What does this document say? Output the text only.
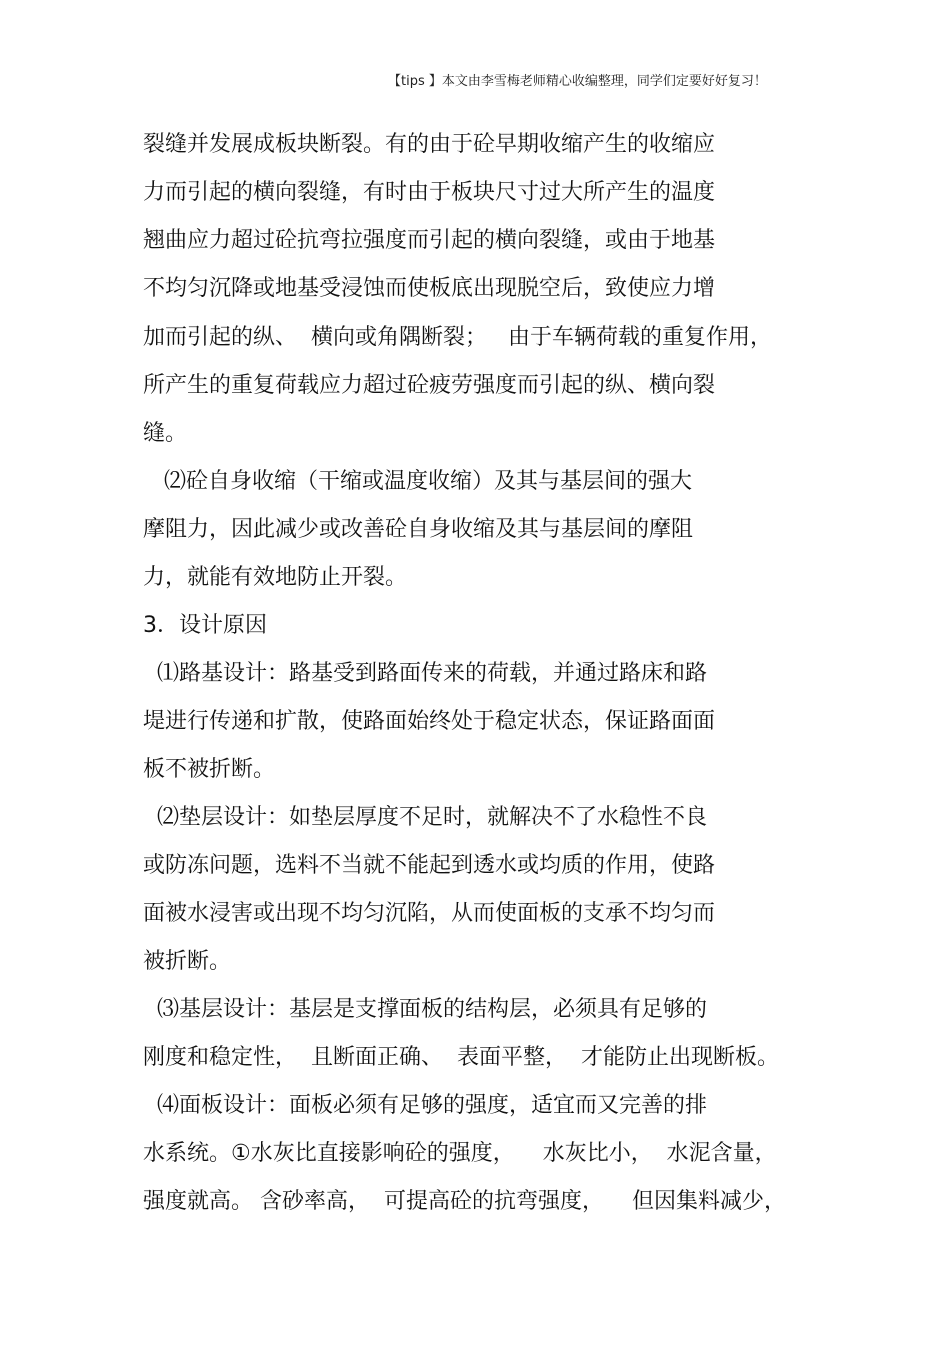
【tips 】本文由李雪梅老师精心收编整理，同学们定要好好复习！
裂缝并发展成板块断裂。有的由于砼早期收缩产生的收缩应
力而引起的横向裂缝，有时由于板块尺寸过大所产生的温度
翘曲应力超过砼抗弯拉强度而引起的横向裂缝，或由于地基
不均匀沉降或地基受浸蚀而使板底出现脱空后，致使应力增
加而引起的纵、  横向或角隅断裂；   由于车辆荷载的重复作用，
所产生的重复荷载应力超过砼疲劳强度而引起的纵、横向裂
缝。
⑵砼自身收缩（干缩或温度收缩）及其与基层间的强大
摩阻力，因此减少或改善砼自身收缩及其与基层间的摩阻
力，就能有效地防止开裂。
3．设计原因
⑴路基设计：路基受到路面传来的荷载，并通过路床和路
堤进行传递和扩散，使路面始终处于稳定状态，保证路面面
板不被折断。
⑵垫层设计：如垫层厚度不足时，就解决不了水稳性不良
或防冻问题，选料不当就不能起到透水或均质的作用，使路
面被水浸害或出现不均匀沉陷，从而使面板的支承不均匀而
被折断。
⑶基层设计：基层是支撑面板的结构层，必须具有足够的
刚度和稳定性，  且断面正确、  表面平整，  才能防止出现断板。
⑷面板设计：面板必须有足够的强度，适宜而又完善的排
水系统。①水灰比直接影响砼的强度，    水灰比小，  水泥含量，
强度就高。 含砂率高，  可提高砼的抗弯强度，    但因集料减少，
